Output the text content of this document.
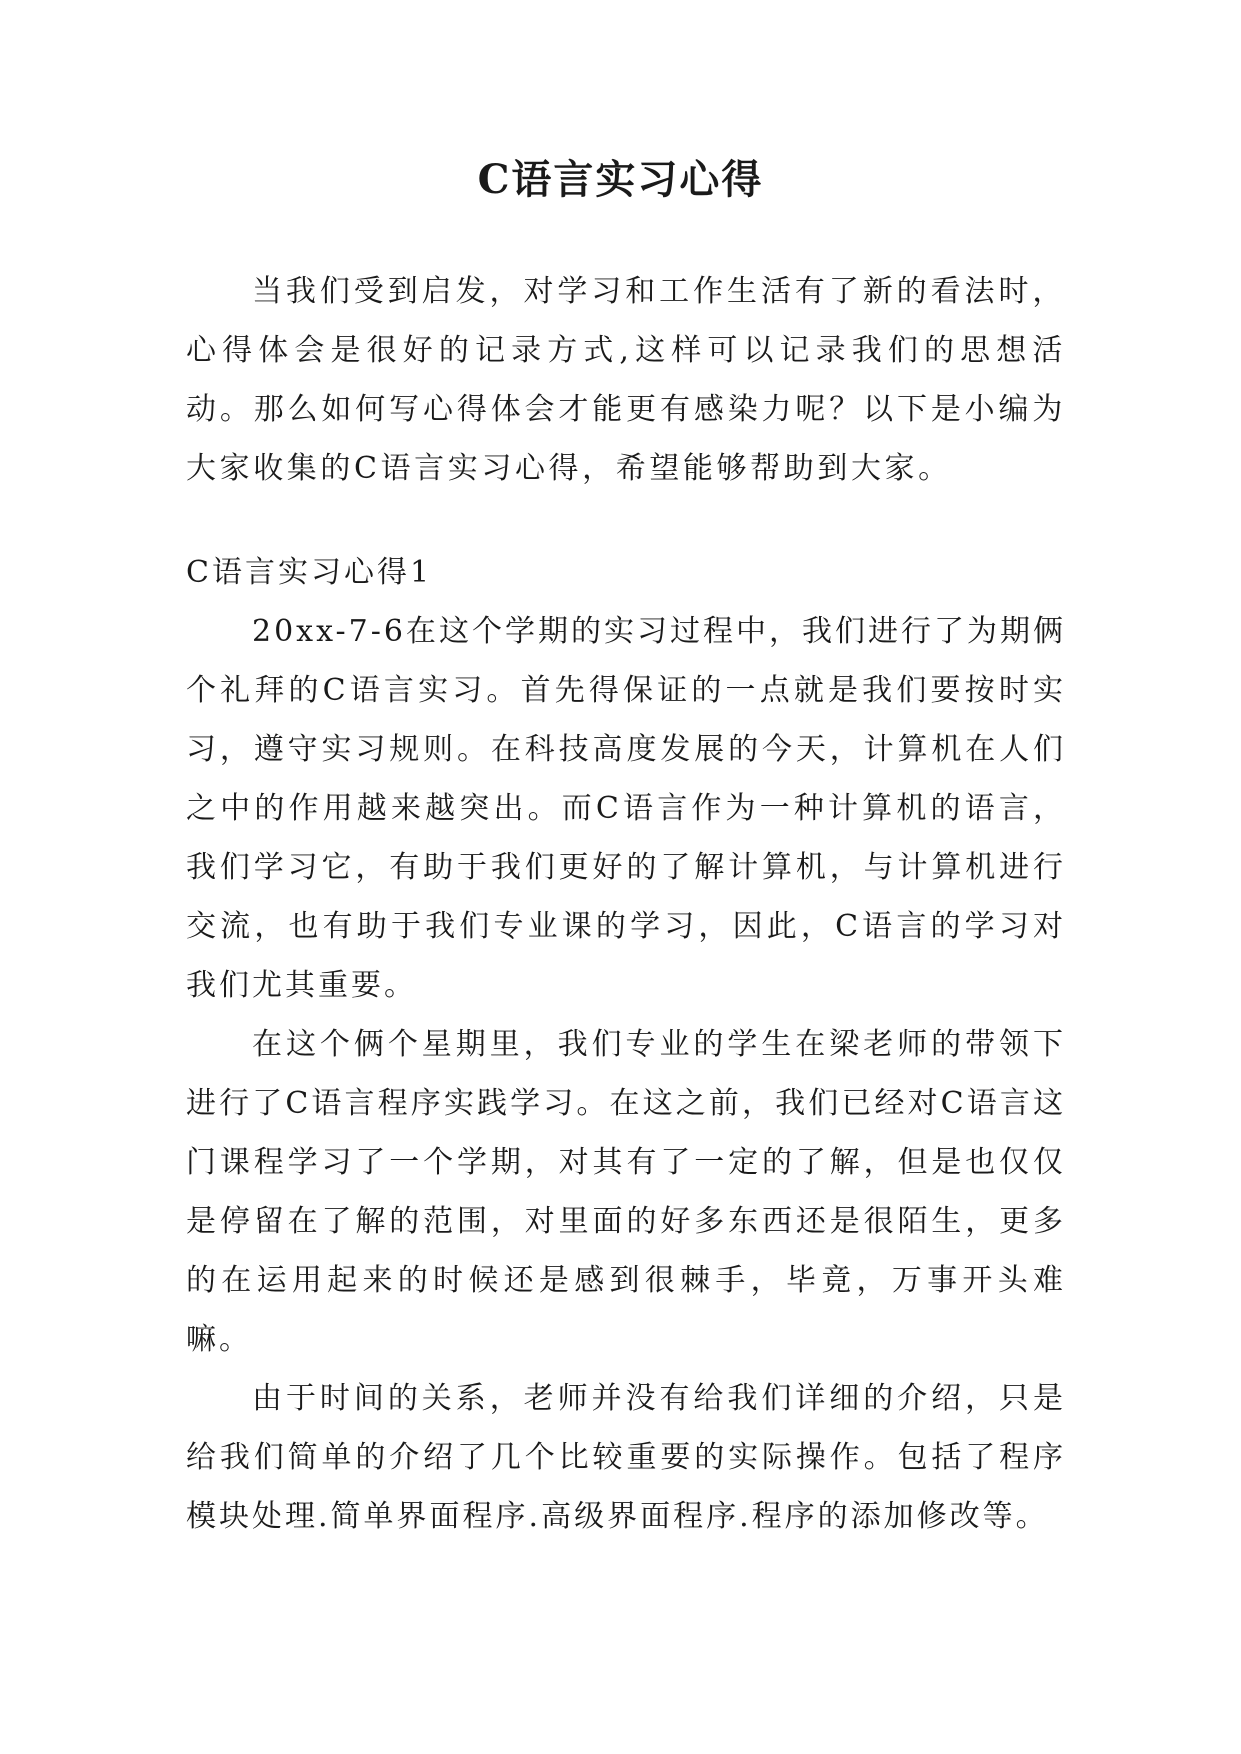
C语言实习心得

当我们受到启发，对学习和工作生活有了新的看法时，心得体会是很好的记录方式,这样可以记录我们的思想活动。那么如何写心得体会才能更有感染力呢？以下是小编为大家收集的C语言实习心得，希望能够帮助到大家。

C语言实习心得1

20xx-7-6在这个学期的实习过程中，我们进行了为期俩个礼拜的C语言实习。首先得保证的一点就是我们要按时实习，遵守实习规则。在科技高度发展的今天，计算机在人们之中的作用越来越突出。而C语言作为一种计算机的语言，我们学习它，有助于我们更好的了解计算机，与计算机进行交流，也有助于我们专业课的学习，因此，C语言的学习对我们尤其重要。

在这个俩个星期里，我们专业的学生在梁老师的带领下进行了C语言程序实践学习。在这之前，我们已经对C语言这门课程学习了一个学期，对其有了一定的了解，但是也仅仅是停留在了解的范围，对里面的好多东西还是很陌生，更多的在运用起来的时候还是感到很棘手，毕竟，万事开头难嘛。

由于时间的关系，老师并没有给我们详细的介绍，只是给我们简单的介绍了几个比较重要的实际操作。包括了程序模块处理.简单界面程序.高级界面程序.程序的添加修改等。
